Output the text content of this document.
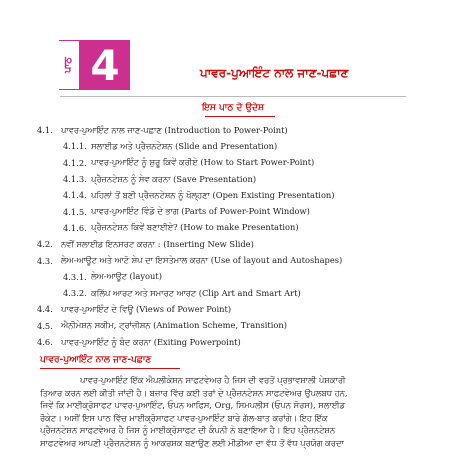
ਪਾਠ 4	ਪਾਵਰ-ਪੁਆਇੰਟ ਨਾਲ ਜਾਣ-ਪਛਾਣ
ਇਸ ਪਾਠ ਦੇ ਉਦੇਸ਼
4.1. ਪਾਵਰ-ਪੁਆਇੰਟ ਨਾਲ ਜਾਣ-ਪਛਾਣ (Introduction to Power-Point)
4.1.1. ਸਲਾਈਡ ਅਤੇ ਪ੍ਰੈਜ਼ਨਟੇਸ਼ਨ (Slide and Presentation)
4.1.2. ਪਾਵਰ-ਪੁਆਇੰਟ ਨੂੰ ਸ਼ੁਰੂ ਕਿਵੇਂ ਕਰੀਏ (How to Start Power-Point)
4.1.3. ਪ੍ਰੈਜ਼ਨਟੇਸ਼ਨ ਨੂੰ ਸੇਵ ਕਰਨਾ (Save Presentation)
4.1.4. ਪਹਿਲਾਂ ਤੋਂ ਬਣੀ ਪ੍ਰੈਜ਼ਨਟੇਸ਼ਨ ਨੂੰ ਖੋਲ੍ਹਣਾ (Open Existing Presentation)
4.1.5. ਪਾਵਰ-ਪੁਆਇੰਟ ਵਿੰਡੋ ਦੇ ਭਾਗ (Parts of Power-Point Window)
4.1.6. ਪ੍ਰੈਜ਼ਨਟੇਸ਼ਨ ਕਿਵੇਂ ਬਣਾਈਏ? (How to make Presentation)
4.2. ਨਵੀਂ ਸਲਾਈਡ ਇਨਸਰਟ ਕਰਨਾ : (Inserting New Slide)
4.3. ਲੇਅ-ਆਊਟ ਅਤੇ ਆਟੋ ਸ਼ੇਪ ਦਾ ਇਸਤੇਮਾਲ ਕਰਨਾ (Use of layout and Autoshapes)
4.3.1. ਲੇਅ-ਆਊਟ (layout)
4.3.2. ਕਲਿੱਪ ਆਰਟ ਅਤੇ ਸਮਾਰਟ ਆਰਟ (Clip Art and Smart Art)
4.4. ਪਾਵਰ-ਪੁਆਇੰਟ ਦੇ ਵਿਊ (Views of Power Point)
4.5. ਐਨੀਮੇਸ਼ਨ ਸਕੀਮ, ਟ੍ਰਾਂਜ਼ੀਸ਼ਨ (Animation Scheme, Transition)
4.6. ਪਾਵਰ-ਪੁਆਇੰਟ ਨੂੰ ਬੰਦ ਕਰਨਾ (Exiting Powerpoint)
ਪਾਵਰ-ਪੁਆਇੰਟ ਨਾਲ ਜਾਣ-ਪਛਾਣ
ਪਾਵਰ-ਪੁਆਇੰਟ ਇੱਕ ਐਪਲੀਕੇਸ਼ਨ ਸਾਫਟਵੇਅਰ ਹੈ ਜਿਸ ਦੀ ਵਰਤੋਂ ਪ੍ਰਭਾਵਸ਼ਾਲੀ ਪੇਸ਼ਕਾਰੀ
ਤਿਆਰ ਕਰਨ ਲਈ ਕੀਤੀ ਜਾਂਦੀ ਹੈ। ਬਜ਼ਾਰ ਵਿੱਚ ਕਈ ਤਰਾਂ ਦੇ ਪ੍ਰੈਜ਼ਨਟੇਸ਼ਨ ਸਾਫਟਵੇਅਰ ਉਪਲਬਧ ਹਨ,
ਜਿਵੇਂ ਕਿ ਮਾਈਕ੍ਰੋਸਾਫਟ ਪਾਵਰ-ਪੁਆਇੰਟ, ਓਪਨ ਆਫਿਸ, Org, ਸਿਮਪਲੀਸ (ਓਪਨ ਸੋਰਸ), ਸਲਾਈਡ
ਰੌਕੇਟ। ਅਸੀਂ ਇਸ ਪਾਠ ਵਿੱਚ ਮਾਈਕ੍ਰੋਸਾਫਟ ਪਾਵਰ-ਪੁਆਇੰਟ ਬਾਰੇ ਗੱਲ-ਬਾਤ ਕਰਾਂਗੇ। ਇਹ ਇੱਕ
ਪ੍ਰੈਜ਼ਨਟੇਸ਼ਨ ਸਾਫਟਵੇਅਰ ਹੈ ਜਿਸ ਨੂੰ ਮਾਈਕ੍ਰੋਸਾਫਟ ਦੀ ਕੰਪਨੀ ਨੇ ਬਣਾਇਆ ਹੈ। ਇਹ ਪ੍ਰੈਜ਼ਨਟੇਸ਼ਨ
ਸਾਫਟਵੇਅਰ ਆਪਣੀ ਪ੍ਰੈਜ਼ਨਟੇਸ਼ਨ ਨੂੰ ਆਕਰਸ਼ਕ ਬਣਾਉਣ ਲਈ ਮੀਡੀਆ ਦਾ ਵੱਧ ਤੋਂ ਵੱਧ ਪ੍ਰਯੋਗ ਕਰਦਾ
